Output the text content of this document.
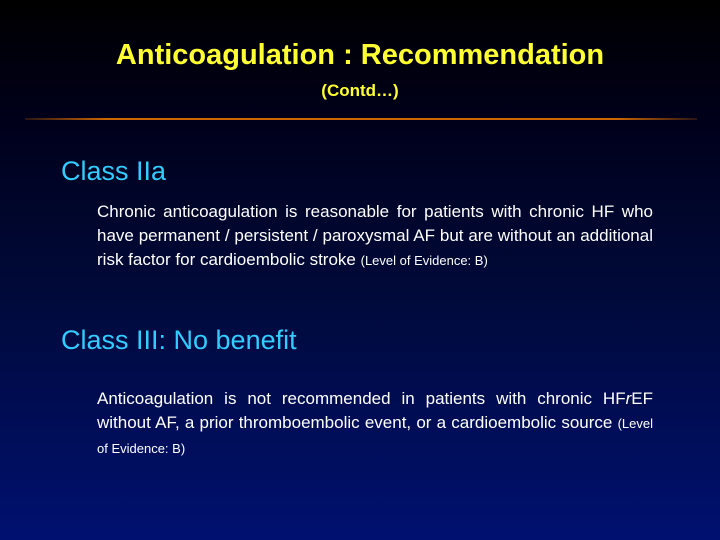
Anticoagulation : Recommendation
(Contd…)
Class IIa
Chronic anticoagulation is reasonable for patients with chronic HF who have permanent / persistent / paroxysmal AF but are without an additional risk factor for cardioembolic stroke (Level of Evidence: B)
Class III: No benefit
Anticoagulation is not recommended in patients with chronic HFrEF without AF, a prior thromboembolic event, or a cardioembolic source (Level of Evidence: B)
